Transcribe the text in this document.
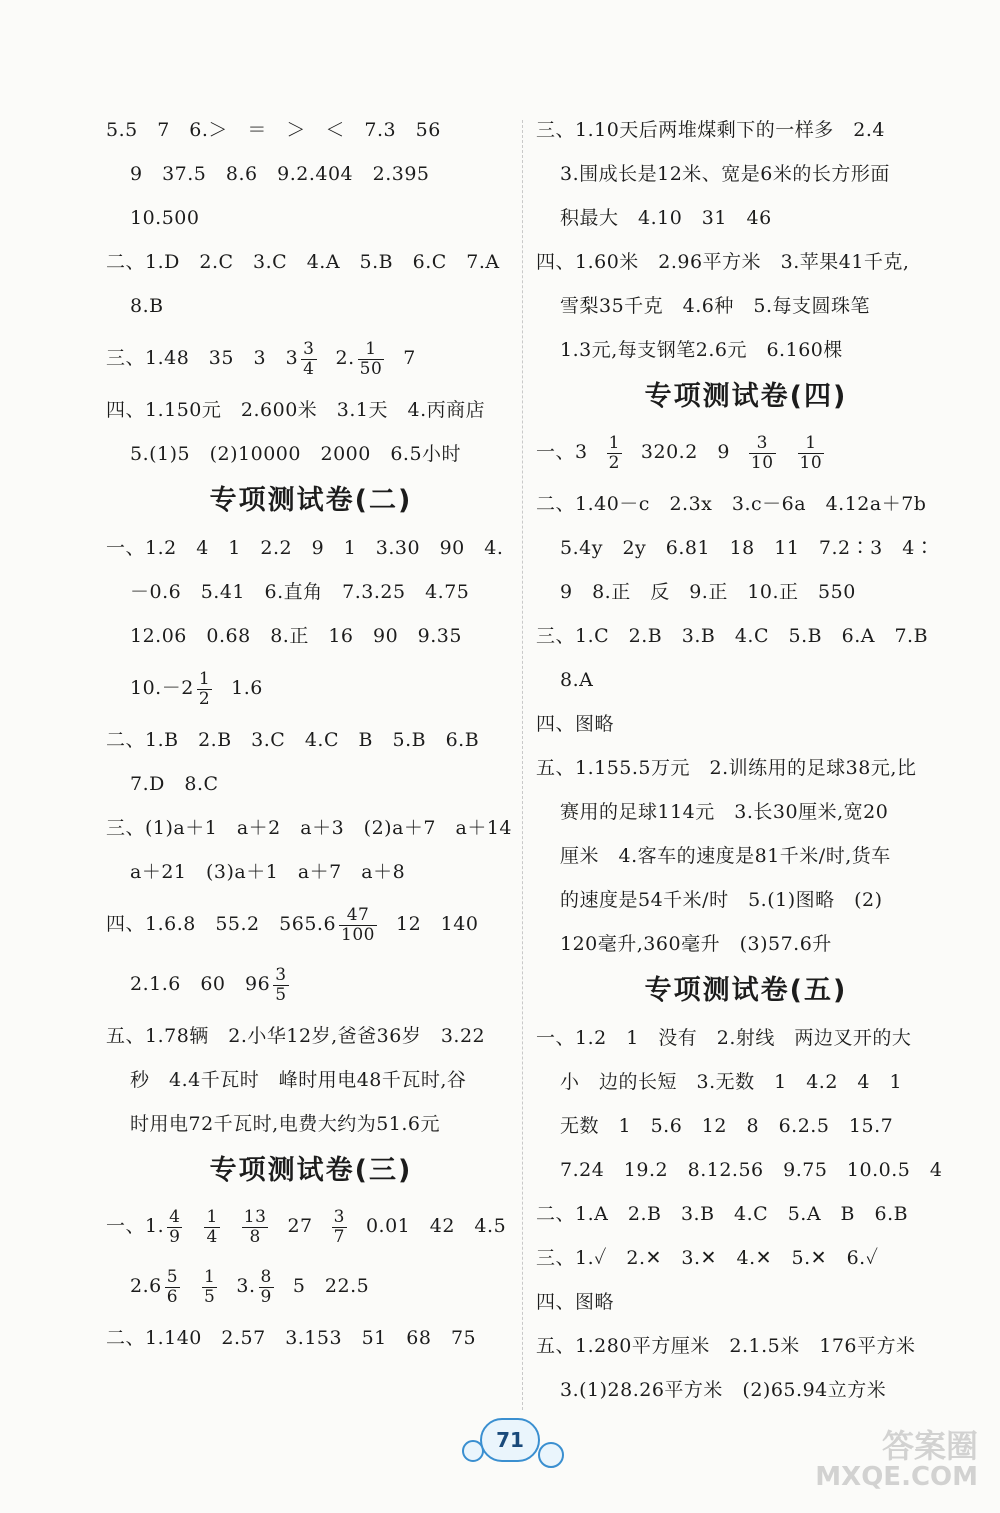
5.5　7　6.＞　＝　＞　＜　7.3　56
9　37.5　8.6　9.2.404　2.395
10.500
二、1.D　2.C　3.C　4.A　5.B　6.C　7.A
8.B
三、1.48　35　3　$3 \frac{3}{4} 2$. $\frac{1}{50} 7$
四、1.150元　2.600米　3.1天　4.丙商店
5.(1)5　(2)10000　2000　6.5小时
专项测试卷(二)
一、1.2　4　1　2.2　9　1　3.30　90　4.
－0.6　5.41　6.直角　7.3.25　4.75
12.06　0.68　8.正　16　90　9.35
$10.-2 \frac{1}{2} 1.6$
二、1.B　2.B　3.C　4.C　B　5.B　6.B
7.D　8.C
三、(1)a＋1　a＋2　a＋3　(2)a＋7　a＋14
a＋21　(3)a＋1　a＋7　a＋8
四、1.6.8　55.2　$565.6 \frac{47}{100} 12$　140
2.1.6　60　$96 \frac{3}{5}$
五、1.78辆　2.小华12岁,爸爸36岁　3.22
秒　4.4千瓦时　峰时用电48千瓦时,谷
时用电72千瓦时,电费大约为51.6元
专项测试卷(三)
一、1. $\frac{4}{9} \frac{1}{4} \frac{13}{8} 27 \frac{3}{7} 0.01$　42　4.5
$2.6 \frac{5}{6} \frac{1}{5} 3$. $\frac{8}{9} 5$　22.5
二、1.140　2.57　3.153　51　68　75
三、1.10天后两堆煤剩下的一样多　2.4
3.围成长是12米、宽是6米的长方形面
积最大　4.10　31　46
四、1.60米　2.96平方米　3.苹果41千克,
雪梨35千克　4.6种　5.每支圆珠笔
1.3元,每支钢笔2.6元　6.160棵
专项测试卷(四)
一、$3 \frac{1}{2} 320.2$　$9 \frac{3}{10} \frac{1}{10}$
二、1.40－c　2.3x　3.c－6a　4.12a＋7b
5.4y　2y　6.81　18　11　7.2∶3　4∶
9　8.正　反　9.正　10.正　550
三、1.C　2.B　3.B　4.C　5.B　6.A　7.B
8.A
四、图略
五、1.155.5万元　2.训练用的足球38元,比
赛用的足球114元　3.长30厘米,宽20
厘米　4.客车的速度是81千米/时,货车
的速度是54千米/时　5.(1)图略　(2)
120毫升,360毫升　(3)57.6升
专项测试卷(五)
一、1.2　1　没有　2.射线　两边叉开的大
小　边的长短　3.无数　1　4.2　4　1
无数　1　5.6　12　8　6.2.5　15.7
7.24　19.2　8.12.56　9.75　10.0.5　4
二、1.A　2.B　3.B　4.C　5.A　B　6.B
三、1.✓　2.✕　3.✕　4.✕　5.✕　6.✓
四、图略
五、1.280平方厘米　2.1.5米　176平方米
3.(1)28.26平方米　(2)65.94立方米
71	答案圈
MXQE.COM
